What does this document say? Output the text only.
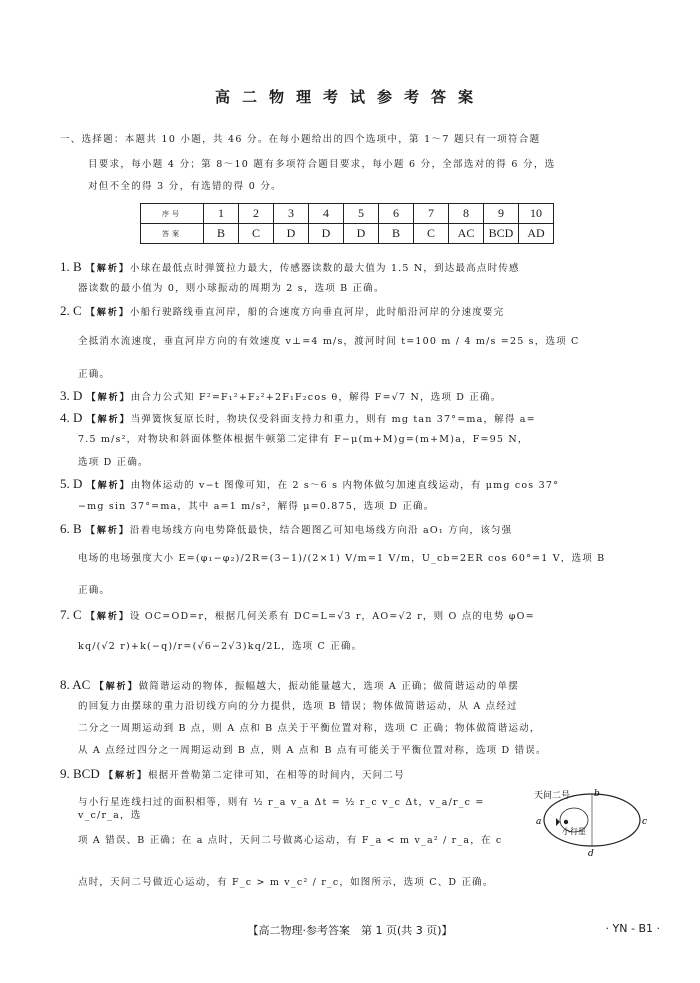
高二物理考试参考答案
一、选择题：本题共 10 小题，共 46 分。在每小题给出的四个选项中，第 1～7 题只有一项符合题
目要求，每小题 4 分；第 8～10 题有多项符合题目要求，每小题 6 分，全部选对的得 6 分，选
对但不全的得 3 分，有选错的得 0 分。
序号	1	2	3	4	5	6	7	8	9	10
答案	B	C	D	D	D	B	C	AC	BCD	AD
1. B 【解析】小球在最低点时弹簧拉力最大，传感器读数的最大值为 1.5 N，到达最高点时传感
器读数的最小值为 0，则小球振动的周期为 2 s，选项 B 正确。
2. C 【解析】小船行驶路线垂直河岸，船的合速度方向垂直河岸，此时船沿河岸的分速度要完
全抵消水流速度，垂直河岸方向的有效速度 v⊥=4 m/s，渡河时间 t=100 m / 4 m/s =25 s，选项 C
正确。
3. D 【解析】由合力公式知 F²=F₁²+F₂²+2F₁F₂cos θ，解得 F=√7 N，选项 D 正确。
4. D 【解析】当弹簧恢复原长时，物块仅受斜面支持力和重力，则有 mg tan 37°=ma，解得 a=
7.5 m/s²，对物块和斜面体整体根据牛顿第二定律有 F−μ(m+M)g=(m+M)a，F=95 N，
选项 D 正确。
5. D 【解析】由物体运动的 v−t 图像可知，在 2 s～6 s 内物体做匀加速直线运动，有 μmg cos 37°
−mg sin 37°=ma，其中 a=1 m/s²，解得 μ=0.875，选项 D 正确。
6. B 【解析】沿着电场线方向电势降低最快，结合题图乙可知电场线方向沿 aO₁ 方向，该匀强
电场的电场强度大小 E=(φ₁−φ₂)/2R=(3−1)/(2×1) V/m=1 V/m，U_cb=2ER cos 60°=1 V，选项 B
正确。
7. C 【解析】设 OC=OD=r，根据几何关系有 DC=L=√3 r，AO=√2 r，则 O 点的电势 φO=
kq/(√2 r)+k(−q)/r=(√6−2√3)kq/2L，选项 C 正确。
8. AC 【解析】做简谐运动的物体，振幅越大，振动能量越大，选项 A 正确；做简谐运动的单摆
的回复力由摆球的重力沿切线方向的分力提供，选项 B 错误；物体做简谐运动，从 A 点经过
二分之一周期运动到 B 点，则 A 点和 B 点关于平衡位置对称，选项 C 正确；物体做简谐运动，
从 A 点经过四分之一周期运动到 B 点，则 A 点和 B 点有可能关于平衡位置对称，选项 D 错误。
9. BCD 【解析】根据开普勒第二定律可知，在相等的时间内，天问二号
与小行星连线扫过的面积相等，则有 ½ r_a v_a Δt = ½ r_c v_c Δt，v_a/r_c = v_c/r_a，选
项 A 错误、B 正确；在 a 点时，天问二号做离心运动，有 F_a < m v_a² / r_a，在 c
点时，天问二号做近心运动，有 F_c > m v_c² / r_c，如图所示，选项 C、D 正确。
天问二号
小行星
a
b
c
d
【高二物理·参考答案　第 1 页(共 3 页)】	· YN - B1 ·
